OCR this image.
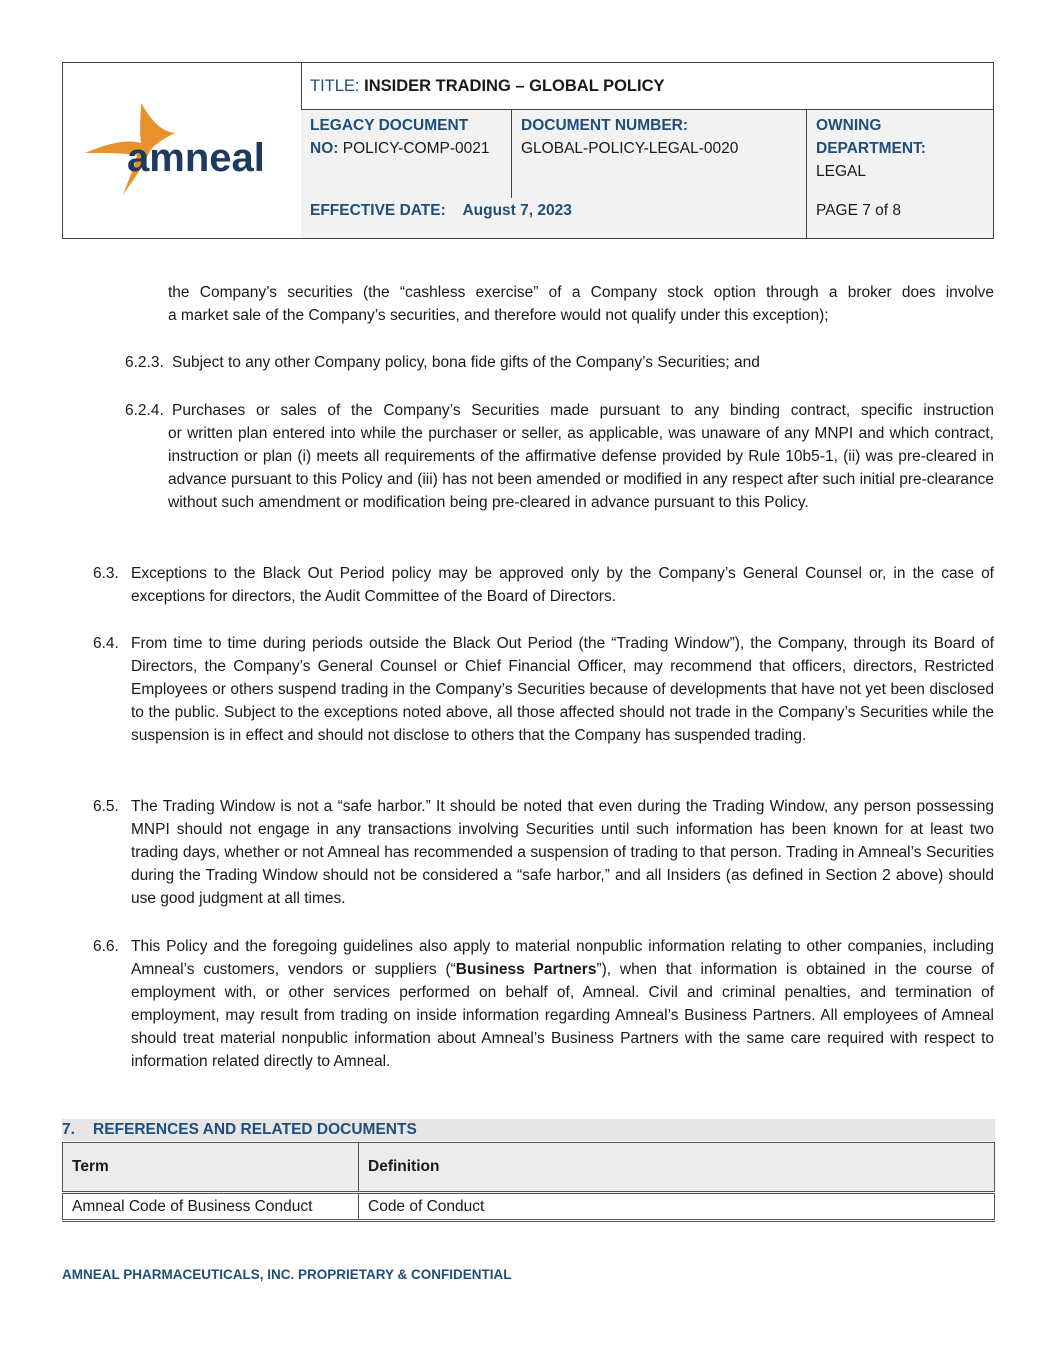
amneal
TITLE: INSIDER TRADING – GLOBAL POLICY
LEGACY DOCUMENT
NO: POLICY-COMP-0021
DOCUMENT NUMBER:
GLOBAL-POLICY-LEGAL-0020
OWNING
DEPARTMENT:
LEGAL
EFFECTIVE DATE: August 7, 2023	PAGE 7 of 8
the Company’s securities (the “cashless exercise” of a Company stock option through a broker does involve
a market sale of the Company’s securities, and therefore would not qualify under this exception);
6.2.3. Subject to any other Company policy, bona fide gifts of the Company’s Securities; and
6.2.4. Purchases or sales of the Company’s Securities made pursuant to any binding contract, specific instruction
or written plan entered into while the purchaser or seller, as applicable, was unaware of any MNPI and which contract, instruction or plan (i) meets all requirements of the affirmative defense provided by Rule 10b5-1, (ii) was pre-cleared in advance pursuant to this Policy and (iii) has not been amended or modified in any respect after such initial pre-clearance without such amendment or modification being pre-cleared in advance pursuant to this Policy.
6.3. Exceptions to the Black Out Period policy may be approved only by the Company’s General Counsel or, in the case of exceptions for directors, the Audit Committee of the Board of Directors.
6.4. From time to time during periods outside the Black Out Period (the “Trading Window”), the Company, through its Board of Directors, the Company’s General Counsel or Chief Financial Officer, may recommend that officers, directors, Restricted Employees or others suspend trading in the Company’s Securities because of developments that have not yet been disclosed to the public. Subject to the exceptions noted above, all those affected should not trade in the Company’s Securities while the suspension is in effect and should not disclose to others that the Company has suspended trading.
6.5. The Trading Window is not a “safe harbor.” It should be noted that even during the Trading Window, any person possessing MNPI should not engage in any transactions involving Securities until such information has been known for at least two trading days, whether or not Amneal has recommended a suspension of trading to that person. Trading in Amneal’s Securities during the Trading Window should not be considered a “safe harbor,” and all Insiders (as defined in Section 2 above) should use good judgment at all times.
6.6. This Policy and the foregoing guidelines also apply to material nonpublic information relating to other companies, including Amneal’s customers, vendors or suppliers (“Business Partners”), when that information is obtained in the course of employment with, or other services performed on behalf of, Amneal. Civil and criminal penalties, and termination of employment, may result from trading on inside information regarding Amneal’s Business Partners. All employees of Amneal should treat material nonpublic information about Amneal’s Business Partners with the same care required with respect to information related directly to Amneal.
7. REFERENCES AND RELATED DOCUMENTS
Term	Definition
Amneal Code of Business Conduct	Code of Conduct
AMNEAL PHARMACEUTICALS, INC. PROPRIETARY & CONFIDENTIAL
